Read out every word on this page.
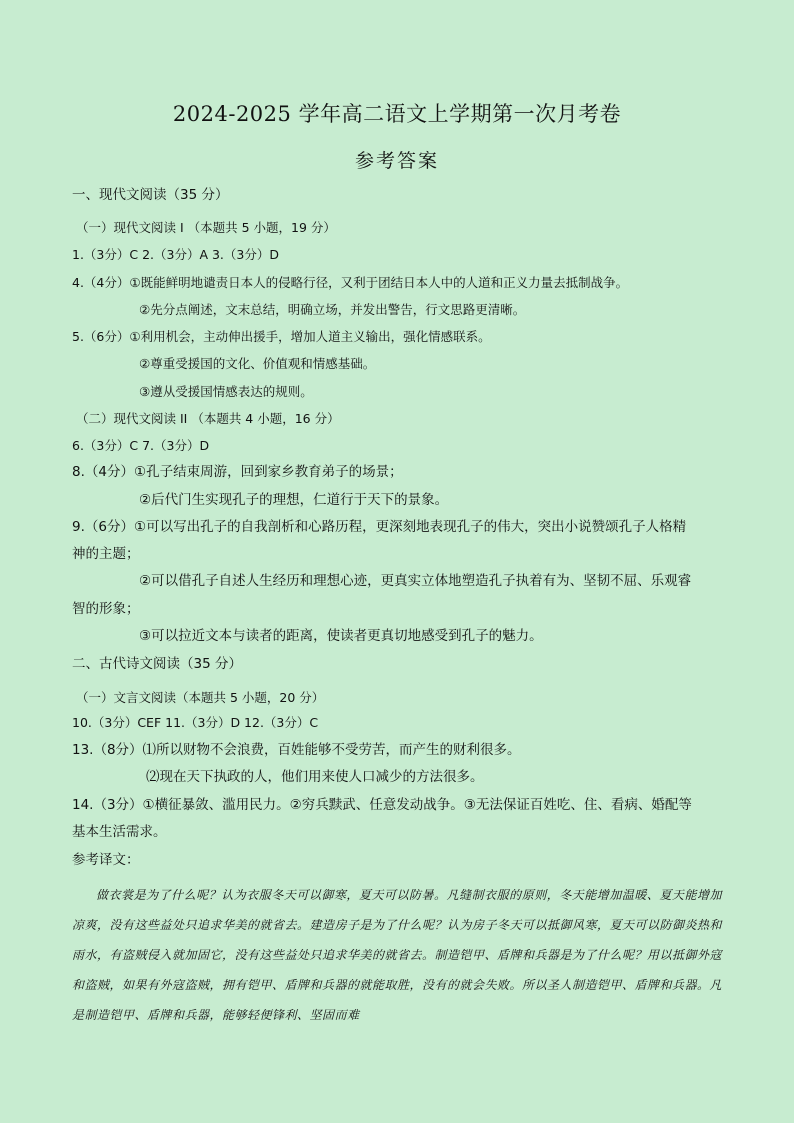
2024-2025 学年高二语文上学期第一次月考卷
参考答案
一、现代文阅读（35 分）
（一）现代文阅读 I （本题共 5 小题，19 分）
1.（3分）C 2.（3分）A 3.（3分）D
4.（4分）①既能鲜明地谴责日本人的侵略行径，又利于团结日本人中的人道和正义力量去抵制战争。
②先分点阐述，文末总结，明确立场，并发出警告，行文思路更清晰。
5.（6分）①利用机会，主动伸出援手，增加人道主义输出，强化情感联系。
②尊重受援国的文化、价值观和情感基础。
③遵从受援国情感表达的规则。
（二）现代文阅读 II （本题共 4 小题，16 分）
6.（3分）C 7.（3分）D
8.（4分）①孔子结束周游，回到家乡教育弟子的场景；
②后代门生实现孔子的理想，仁道行于天下的景象。
9.（6分）①可以写出孔子的自我剖析和心路历程，更深刻地表现孔子的伟大，突出小说赞颂孔子人格精
神的主题；
②可以借孔子自述人生经历和理想心迹，更真实立体地塑造孔子执着有为、坚韧不屈、乐观睿
智的形象；
③可以拉近文本与读者的距离，使读者更真切地感受到孔子的魅力。
二、古代诗文阅读（35 分）
（一）文言文阅读（本题共 5 小题，20 分）
10.（3分）CEF 11.（3分）D 12.（3分）C
13.（8分）⑴所以财物不会浪费，百姓能够不受劳苦，而产生的财利很多。
⑵现在天下执政的人，他们用来使人口减少的方法很多。
14.（3分）①横征暴敛、滥用民力。②穷兵黩武、任意发动战争。③无法保证百姓吃、住、看病、婚配等
基本生活需求。
参考译文：
做衣裳是为了什么呢？认为衣服冬天可以御寒，夏天可以防暑。凡缝制衣服的原则，冬天能增加温暖、夏天能增加凉爽，没有这些益处只追求华美的就省去。建造房子是为了什么呢？认为房子冬天可以抵御风寒，夏天可以防御炎热和雨水，有盗贼侵入就加固它，没有这些益处只追求华美的就省去。制造铠甲、盾牌和兵器是为了什么呢？用以抵御外寇和盗贼，如果有外寇盗贼，拥有铠甲、盾牌和兵器的就能取胜，没有的就会失败。所以圣人制造铠甲、盾牌和兵器。凡是制造铠甲、盾牌和兵器，能够轻便锋利、坚固而难
